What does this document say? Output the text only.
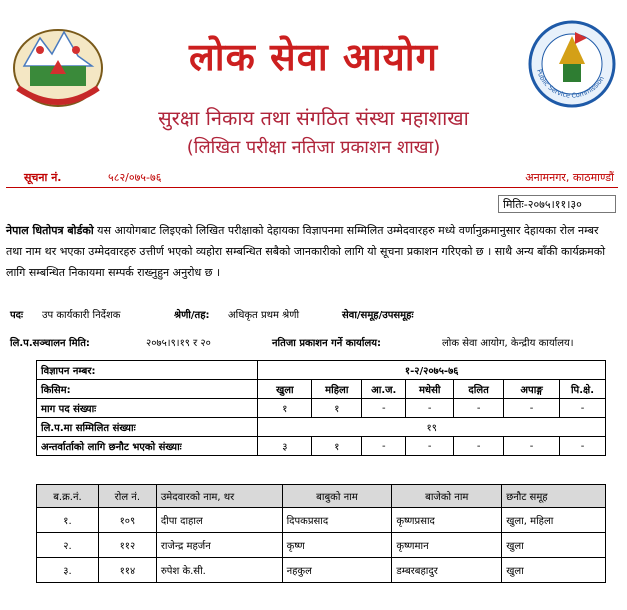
लोक सेवा आयोग
सुरक्षा निकाय तथा संगठित संस्था महाशाखा
(लिखित परीक्षा नतिजा प्रकाशन शाखा)
Public Service Commission
सूचना नं.	५८२/०७५-७६	अनामनगर, काठमाण्डौं
मितिः-२०७५।११।३०
नेपाल धितोपत्र बोर्डको यस आयोगबाट लिइएको लिखित परीक्षाको देहायका विज्ञापनमा सम्मिलित उम्मेदवारहरु मध्ये वर्णानुक्रमानुसार देहायका रोल नम्बर तथा नाम थर भएका उम्मेदवारहरु उत्तीर्ण भएको व्यहोरा सम्बन्धित सबैको जानकारीको लागि यो सूचना प्रकाशन गरिएको छ । साथै अन्य बाँकी कार्यक्रमको लागि सम्बन्धित निकायमा सम्पर्क राख्नुहुन अनुरोध छ ।
पदः उप कार्यकारी निर्देशक	श्रेणी/तह: अधिकृत प्रथम श्रेणी	सेवा/समूह/उपसमूहः
लि.प.सञ्चालन मिति:	२०७५।९।१९ र २०	नतिजा प्रकाशन गर्ने कार्यालय:	लोक सेवा आयोग, केन्द्रीय कार्यालय।
विज्ञापन नम्बर:	१-२/२०७५-७६						
किसिम:	खुला	महिला	आ.ज.	मधेसी	दलित	अपाङ्ग	पि.क्षे.
माग पद संख्याः	१	१	-	-	-	-	-
लि.प.मा सम्मिलित संख्याः	१९						
अन्तर्वार्ताको लागि छनौट भएको संख्याः	३	१	-	-	-	-	-
ब.क्र.नं.	रोल नं.	उमेदवारको नाम, थर	बाबुको नाम	बाजेको नाम	छनौट समूह
१.	१०९	दीपा दाहाल	दिपकप्रसाद	कृष्णप्रसाद	खुला, महिला
२.	११२	राजेन्द्र महर्जन	कृष्ण	कृष्णमान	खुला
३.	११४	रुपेश के.सी.	नहकुल	डम्बरबहादुर	खुला
